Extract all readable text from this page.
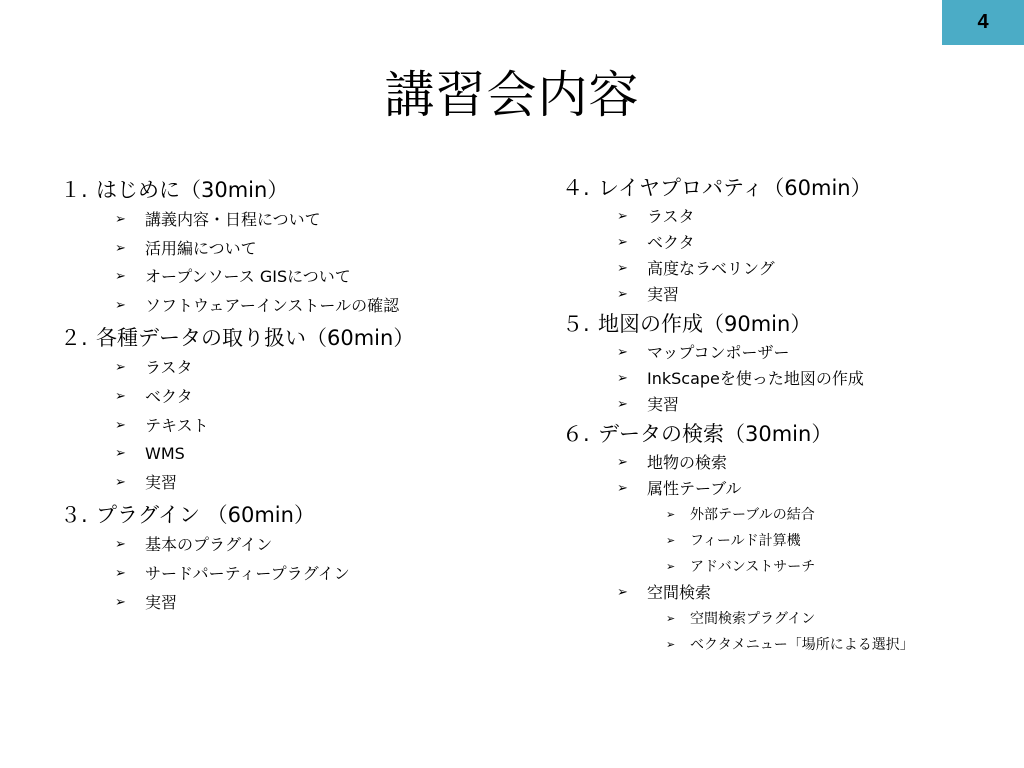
4
講習会内容
１. はじめに（30min）
➢ 講義内容・日程について
➢ 活用編について
➢ オープンソース GISについて
➢ ソフトウェアーインストールの確認
２. 各種データの取り扱い（60min）
➢ ラスタ
➢ ベクタ
➢ テキスト
➢ WMS
➢ 実習
３. プラグイン （60min）
➢ 基本のプラグイン
➢ サードパーティープラグイン
➢ 実習
４. レイヤプロパティ（60min）
➢ ラスタ
➢ ベクタ
➢ 高度なラベリング
➢ 実習
５. 地図の作成（90min）
➢ マップコンポーザー
➢ InkScapeを使った地図の作成
➢ 実習
６. データの検索（30min）
➢ 地物の検索
➢ 属性テーブル
➢ 外部テーブルの結合
➢ フィールド計算機
➢ アドバンストサーチ
➢ 空間検索
➢ 空間検索プラグイン
➢ ベクタメニュー「場所による選択」
